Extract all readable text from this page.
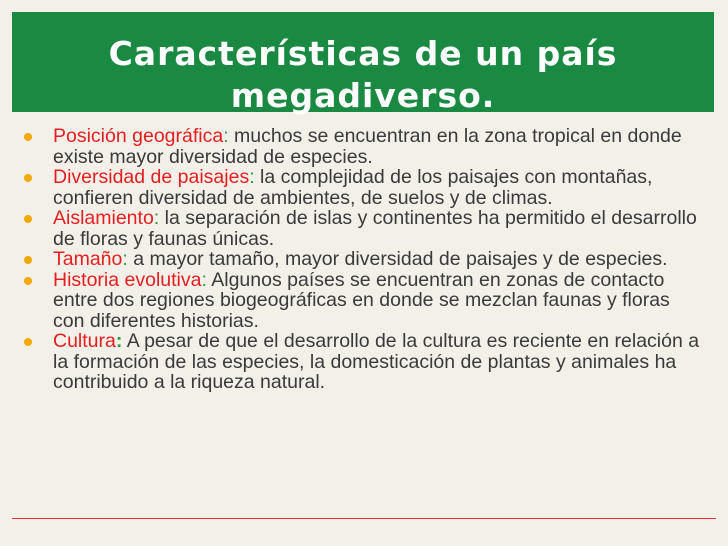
Características de un país
megadiverso.
Posición geográfica: muchos se encuentran en la zona tropical en donde existe mayor diversidad de especies.
Diversidad de paisajes: la complejidad de los paisajes con montañas, confieren diversidad de ambientes, de suelos y de climas.
Aislamiento: la separación de islas y continentes ha permitido el desarrollo de floras y faunas únicas.
Tamaño: a mayor tamaño, mayor diversidad de paisajes y de especies.
Historia evolutiva: Algunos países se encuentran en zonas de contacto entre dos regiones biogeográficas en donde se mezclan faunas y floras con diferentes historias.
Cultura: A pesar de que el desarrollo de la cultura es reciente en relación a la formación de las especies, la domesticación de plantas y animales ha contribuido a la riqueza natural.
